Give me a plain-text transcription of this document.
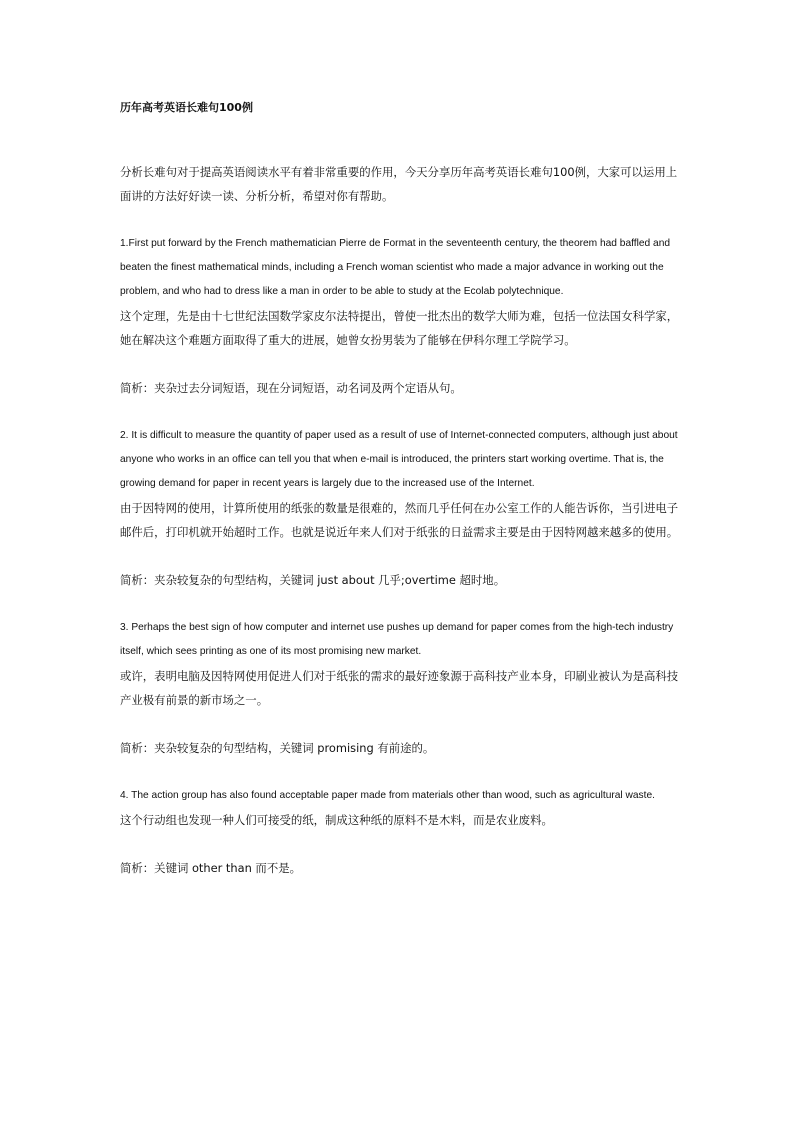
历年高考英语长难句100例
分析长难句对于提高英语阅读水平有着非常重要的作用，今天分享历年高考英语长难句100例，大家可以运用上面讲的方法好好读一读、分析分析，希望对你有帮助。

1.First put forward by the French mathematician Pierre de Format in the seventeenth century, the theorem had baffled and beaten the finest mathematical minds, including a French woman scientist who made a major advance in working out the problem, and who had to dress like a man in order to be able to study at the Ecolab polytechnique.

这个定理，先是由十七世纪法国数学家皮尔法特提出，曾使一批杰出的数学大师为难，包括一位法国女科学家，她在解决这个难题方面取得了重大的进展，她曾女扮男装为了能够在伊科尔理工学院学习。

简析：夹杂过去分词短语，现在分词短语，动名词及两个定语从句。

2. It is difficult to measure the quantity of paper used as a result of use of Internet-connected computers, although just about anyone who works in an office can tell you that when e-mail is introduced, the printers start working overtime. That is, the growing demand for paper in recent years is largely due to the increased use of the Internet.

由于因特网的使用，计算所使用的纸张的数量是很难的，然而几乎任何在办公室工作的人能告诉你，当引进电子邮件后，打印机就开始超时工作。也就是说近年来人们对于纸张的日益需求主要是由于因特网越来越多的使用。

简析：夹杂较复杂的句型结构，关键词 just about 几乎;overtime 超时地。

3. Perhaps the best sign of how computer and internet use pushes up demand for paper comes from the high-tech industry itself, which sees printing as one of its most promising new market.

或许，表明电脑及因特网使用促进人们对于纸张的需求的最好迹象源于高科技产业本身，印刷业被认为是高科技产业极有前景的新市场之一。

简析：夹杂较复杂的句型结构，关键词 promising 有前途的。

4. The action group has also found acceptable paper made from materials other than wood, such as agricultural waste.

这个行动组也发现一种人们可接受的纸，制成这种纸的原料不是木料，而是农业废料。

简析：关键词 other than 而不是。
